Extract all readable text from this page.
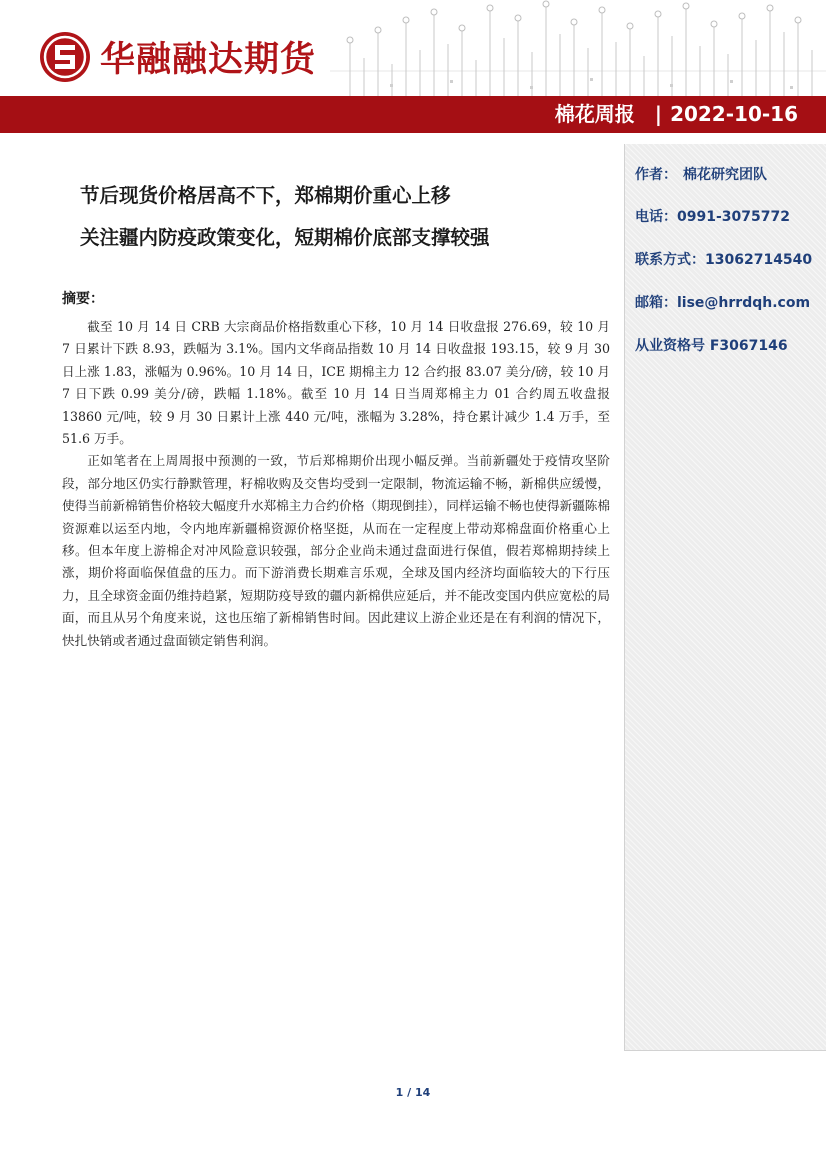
华融融达期货
棉花周报 | 2022-10-16
作者： 棉花研究团队
电话：0991-3075772
联系方式：13062714540
邮箱：lise@hrrdqh.com
从业资格号 F3067146
节后现货价格居高不下，郑棉期价重心上移
关注疆内防疫政策变化，短期棉价底部支撑较强
摘要：

截至 10 月 14 日 CRB 大宗商品价格指数重心下移，10 月 14 日收盘报 276.69，较 10 月 7 日累计下跌 8.93，跌幅为 3.1%。国内文华商品指数 10 月 14 日收盘报 193.15，较 9 月 30 日上涨 1.83，涨幅为 0.96%。10 月 14 日，ICE 期棉主力 12 合约报 83.07 美分/磅，较 10 月 7 日下跌 0.99 美分/磅，跌幅 1.18%。截至 10 月 14 日当周郑棉主力 01 合约周五收盘报 13860 元/吨，较 9 月 30 日累计上涨 440 元/吨，涨幅为 3.28%，持仓累计减少 1.4 万手，至 51.6 万手。

正如笔者在上周周报中预测的一致，节后郑棉期价出现小幅反弹。当前新疆处于疫情攻坚阶段，部分地区仍实行静默管理，籽棉收购及交售均受到一定限制，物流运输不畅，新棉供应缓慢，使得当前新棉销售价格较大幅度升水郑棉主力合约价格（期现倒挂），同样运输不畅也使得新疆陈棉资源难以运至内地，令内地库新疆棉资源价格坚挺，从而在一定程度上带动郑棉盘面价格重心上移。但本年度上游棉企对冲风险意识较强，部分企业尚未通过盘面进行保值，假若郑棉期持续上涨，期价将面临保值盘的压力。而下游消费长期难言乐观，全球及国内经济均面临较大的下行压力，且全球资金面仍维持趋紧，短期防疫导致的疆内新棉供应延后，并不能改变国内供应宽松的局面，而且从另个角度来说，这也压缩了新棉销售时间。因此建议上游企业还是在有利润的情况下，快扎快销或者通过盘面锁定销售利润。

1 / 14
